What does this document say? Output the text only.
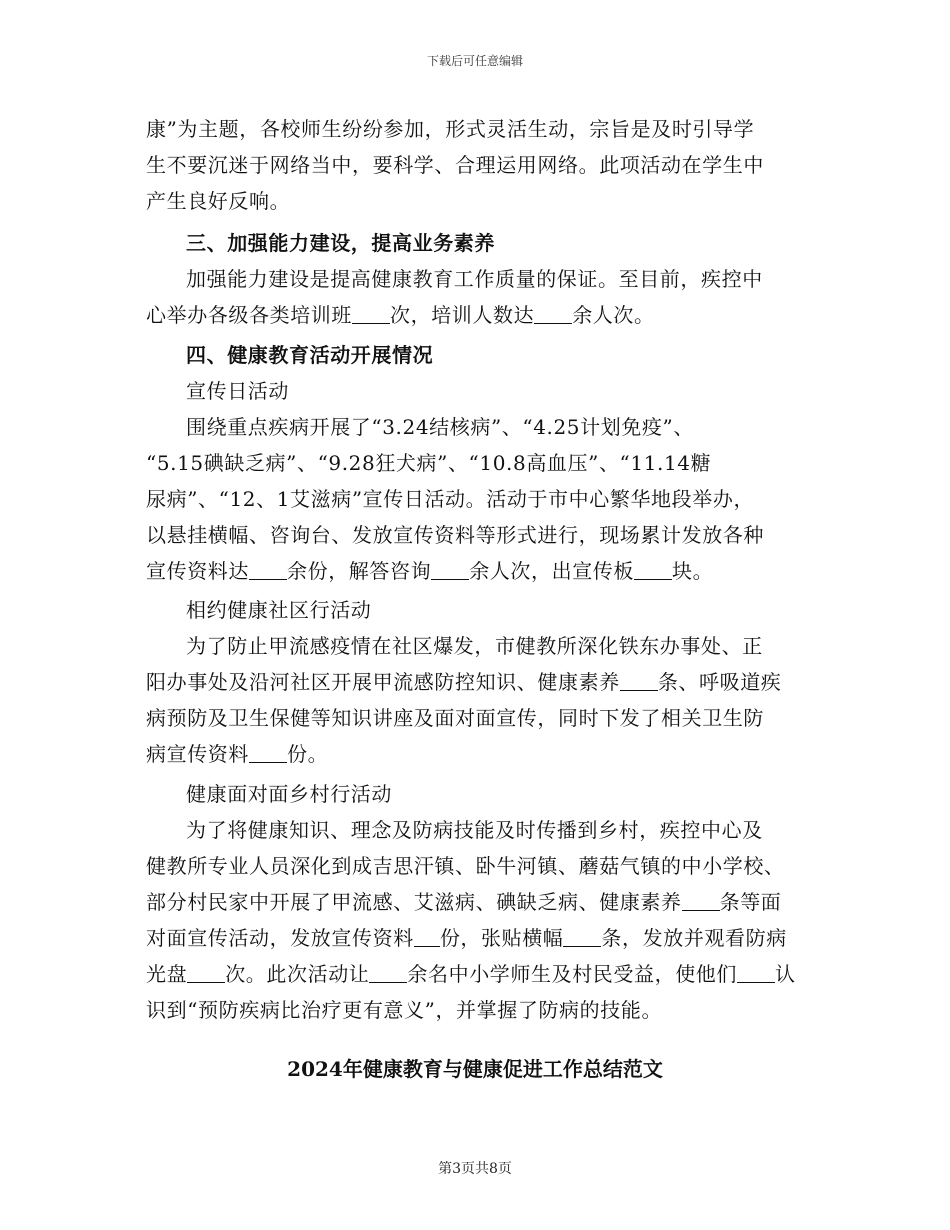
下载后可任意编辑
康”为主题，各校师生纷纷参加，形式灵活生动，宗旨是及时引导学
生不要沉迷于网络当中，要科学、合理运用网络。此项活动在学生中
产生良好反响。
三、加强能力建设，提高业务素养
加强能力建设是提高健康教育工作质量的保证。至目前，疾控中
心举办各级各类培训班 次，培训人数达 余人次。
四、健康教育活动开展情况
宣传日活动
围绕重点疾病开展了“3.24结核病”、“4.25计划免疫”、
“5.15碘缺乏病”、“9.28狂犬病”、“10.8高血压”、“11.14糖
尿病”、“12、1艾滋病”宣传日活动。活动于市中心繁华地段举办，
以悬挂横幅、咨询台、发放宣传资料等形式进行，现场累计发放各种
宣传资料达 余份，解答咨询 余人次，出宣传板 块。
相约健康社区行活动
为了防止甲流感疫情在社区爆发，市健教所深化铁东办事处、正
阳办事处及沿河社区开展甲流感防控知识、健康素养 条、呼吸道疾
病预防及卫生保健等知识讲座及面对面宣传，同时下发了相关卫生防
病宣传资料 份。
健康面对面乡村行活动
为了将健康知识、理念及防病技能及时传播到乡村，疾控中心及
健教所专业人员深化到成吉思汗镇、卧牛河镇、蘑菇气镇的中小学校、
部分村民家中开展了甲流感、艾滋病、碘缺乏病、健康素养 条等面
对面宣传活动，发放宣传资料 份，张贴横幅 条，发放并观看防病
光盘 次。此次活动让 余名中小学师生及村民受益，使他们 认
识到“预防疾病比治疗更有意义”，并掌握了防病的技能。
2024年健康教育与健康促进工作总结范文
第3页共8页
